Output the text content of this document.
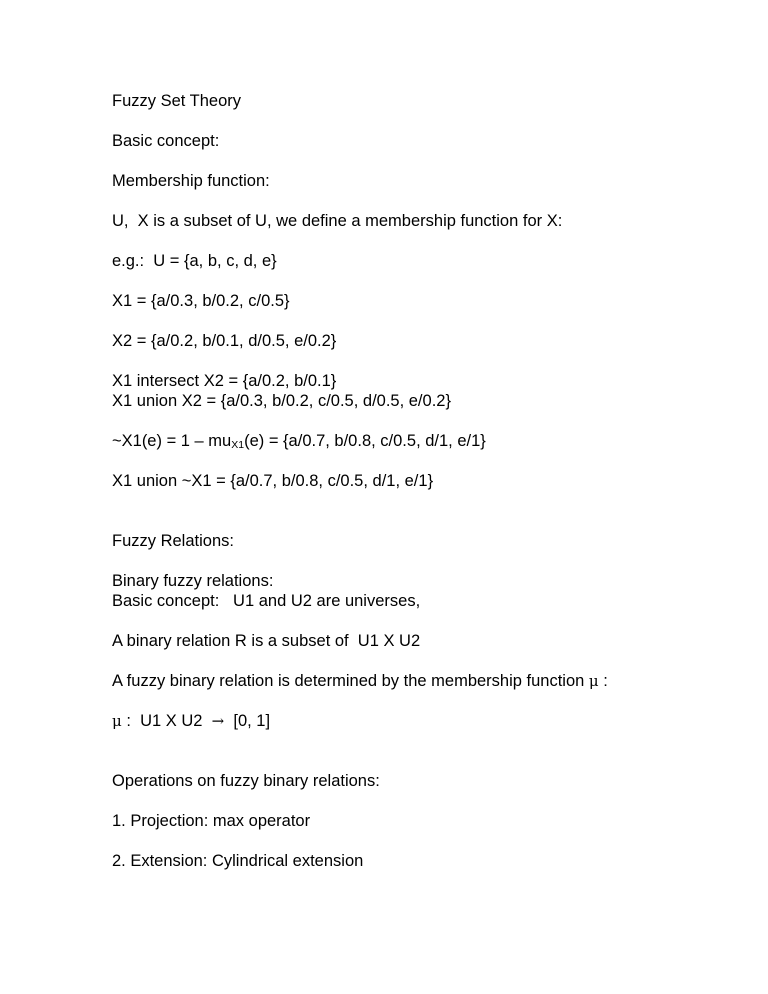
Fuzzy Set Theory
Basic concept:
Membership function:
U,  X is a subset of U, we define a membership function for X:
e.g.:  U = {a, b, c, d, e}
X1 = {a/0.3, b/0.2, c/0.5}
X2 = {a/0.2, b/0.1, d/0.5, e/0.2}
X1 intersect X2 = {a/0.2, b/0.1}
X1 union X2 = {a/0.3, b/0.2, c/0.5, d/0.5, e/0.2}
~X1(e) = $1 - mu_{X1}(e) = \{a/0.7$, b/0.8, c/0.5, d/1, e/1}
X1 union ~X1 = {a/0.7, b/0.8, c/0.5, d/1, e/1}
Fuzzy Relations:
Binary fuzzy relations:
Basic concept:   U1 and U2 are universes,
A binary relation R is a subset of  U1 X U2
A fuzzy binary relation is determined by the membership function μ :
μ :  U1 X U2  →  [0, 1]
Operations on fuzzy binary relations:
1. Projection: max operator
2. Extension: Cylindrical extension
